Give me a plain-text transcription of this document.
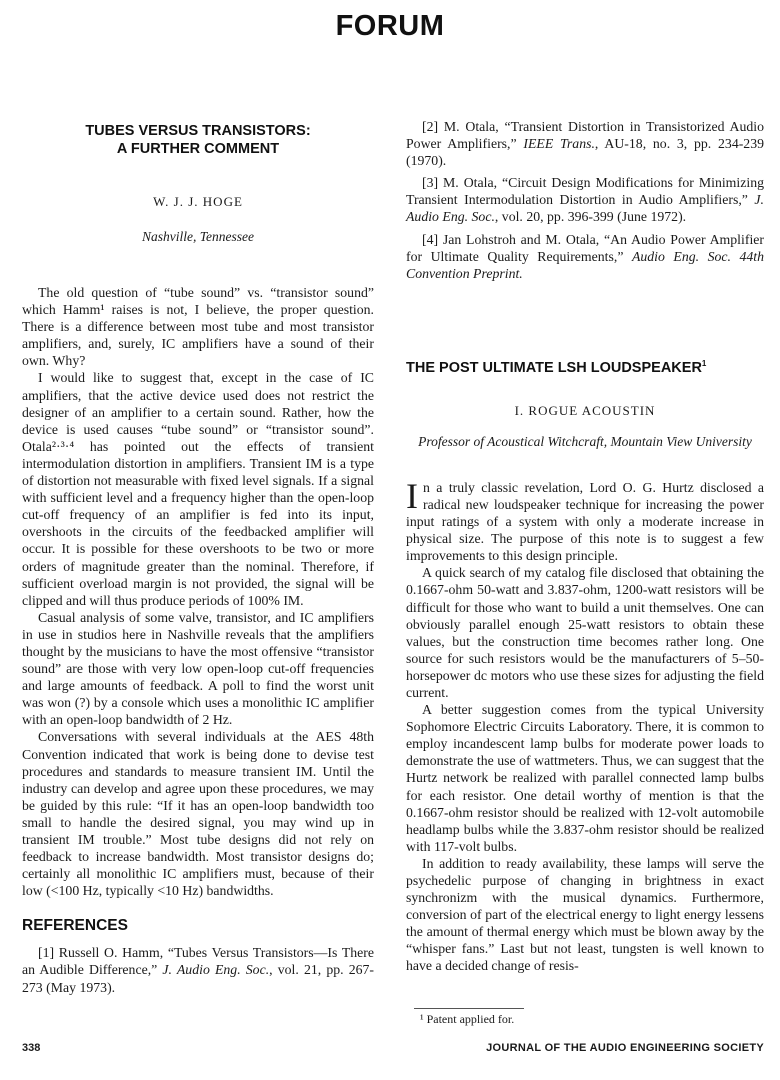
FORUM
TUBES VERSUS TRANSISTORS:
A FURTHER COMMENT
W. J. J. HOGE
Nashville, Tennessee

The old question of “tube sound” vs. “transistor sound” which Hamm¹ raises is not, I believe, the proper question. There is a difference between most tube and most transistor amplifiers, and, surely, IC amplifiers have a sound of their own. Why?

I would like to suggest that, except in the case of IC amplifiers, that the active device used does not restrict the designer of an amplifier to a certain sound. Rather, how the device is used causes “tube sound” or “transistor sound”. Otala²·³·⁴ has pointed out the effects of transient intermodulation distortion in amplifiers. Transient IM is a type of distortion not measurable with fixed level signals. If a signal with sufficient level and a frequency higher than the open-loop cut-off frequency of an amplifier is fed into its input, overshoots in the circuits of the feedbacked amplifier will occur. It is possible for these overshoots to be two or more orders of magnitude greater than the nominal. Therefore, if sufficient overload margin is not provided, the signal will be clipped and will thus produce periods of 100% IM.

Casual analysis of some valve, transistor, and IC amplifiers in use in studios here in Nashville reveals that the amplifiers thought by the musicians to have the most offensive “transistor sound” are those with very low open-loop cut-off frequencies and large amounts of feedback. A poll to find the worst unit was won (?) by a console which uses a monolithic IC amplifier with an open-loop bandwidth of 2 Hz.

Conversations with several individuals at the AES 48th Convention indicated that work is being done to devise test procedures and standards to measure transient IM. Until the industry can develop and agree upon these procedures, we may be guided by this rule: “If it has an open-loop bandwidth too small to handle the desired signal, you may wind up in transient IM trouble.” Most tube designs did not rely on feedback to increase bandwidth. Most transistor designs do; certainly all monolithic IC amplifiers must, because of their low (<100 Hz, typically <10 Hz) bandwidths.

REFERENCES

[1] Russell O. Hamm, “Tubes Versus Transistors—Is There an Audible Difference,” J. Audio Eng. Soc., vol. 21, pp. 267-273 (May 1973).

[2] M. Otala, “Transient Distortion in Transistorized Audio Power Amplifiers,” IEEE Trans., AU-18, no. 3, pp. 234-239 (1970).

[3] M. Otala, “Circuit Design Modifications for Minimizing Transient Intermodulation Distortion in Audio Amplifiers,” J. Audio Eng. Soc., vol. 20, pp. 396-399 (June 1972).

[4] Jan Lohstroh and M. Otala, “An Audio Power Amplifier for Ultimate Quality Requirements,” Audio Eng. Soc. 44th Convention Preprint.

THE POST ULTIMATE LSH LOUDSPEAKER$^1$
I. ROGUE ACOUSTIN
Professor of Acoustical Witchcraft, Mountain View University

In a truly classic revelation, Lord O. G. Hurtz disclosed a radical new loudspeaker technique for increasing the power input ratings of a system with only a moderate increase in physical size. The purpose of this note is to suggest a few improvements to this design principle.

A quick search of my catalog file disclosed that obtaining the 0.1667-ohm 50-watt and 3.837-ohm, 1200-watt resistors will be difficult for those who want to build a unit themselves. One can obviously parallel enough 25-watt resistors to obtain these values, but the construction time becomes rather long. One source for such resistors would be the manufacturers of 5–50-horsepower dc motors who use these sizes for adjusting the field current.

A better suggestion comes from the typical University Sophomore Electric Circuits Laboratory. There, it is common to employ incandescent lamp bulbs for moderate power loads to demonstrate the use of wattmeters. Thus, we can suggest that the Hurtz network be realized with parallel connected lamp bulbs for each resistor. One detail worthy of mention is that the 0.1667-ohm resistor should be realized with 12-volt automobile headlamp bulbs while the 3.837-ohm resistor should be realized with 117-volt bulbs.

In addition to ready availability, these lamps will serve the psychedelic purpose of changing in brightness in exact synchronizm with the musical dynamics. Furthermore, conversion of part of the electrical energy to light energy lessens the amount of thermal energy which must be blown away by the “whisper fans.” Last but not least, tungsten is well known to have a decided change of resis-

¹ Patent applied for.
338	JOURNAL OF THE AUDIO ENGINEERING SOCIETY
